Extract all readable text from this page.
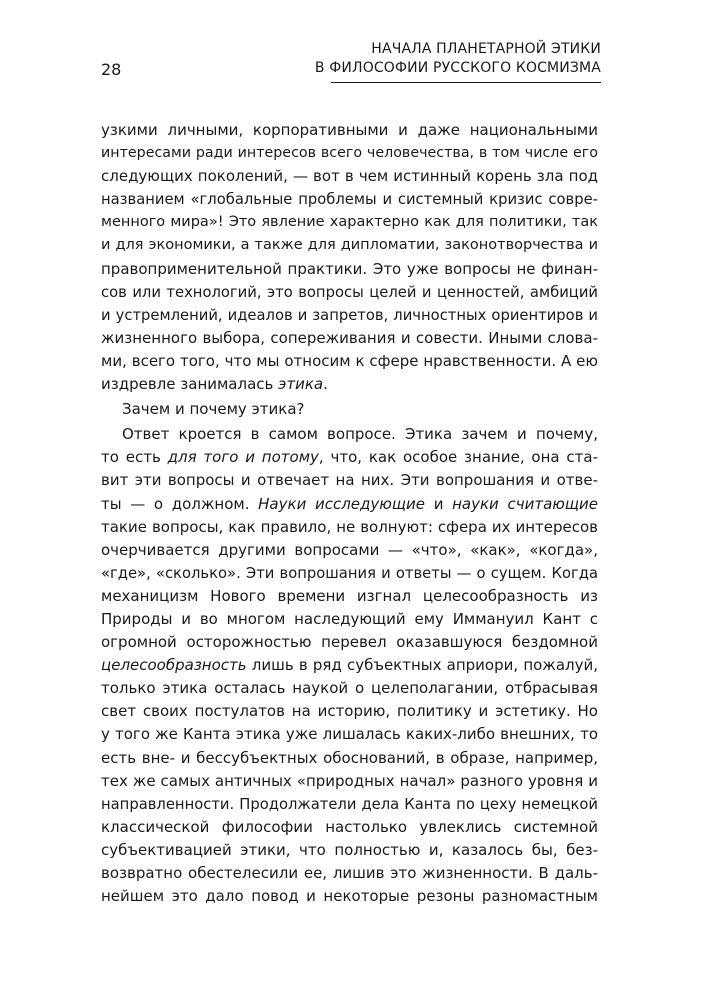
28
НАЧАЛА ПЛАНЕТАРНОЙ ЭТИКИ
В ФИЛОСОФИИ РУССКОГО КОСМИЗМА
узкими личными, корпоративными и даже национальными
интересами ради интересов всего человечества, в том числе его
следующих поколений, — вот в чем истинный корень зла под
названием «глобальные проблемы и системный кризис совре-
менного мира»! Это явление характерно как для политики, так
и для экономики, а также для дипломатии, законотворчества и
правоприменительной практики. Это уже вопросы не финан-
сов или технологий, это вопросы целей и ценностей, амбиций
и устремлений, идеалов и запретов, личностных ориентиров и
жизненного выбора, сопереживания и совести. Иными слова-
ми, всего того, что мы относим к сфере нравственности. А ею
издревле занималась этика.
Зачем и почему этика?
Ответ кроется в самом вопросе. Этика зачем и почему,
то есть для того и потому, что, как особое знание, она ста-
вит эти вопросы и отвечает на них. Эти вопрошания и отве-
ты — о должном. Науки исследующие и науки считающие
такие вопросы, как правило, не волнуют: сфера их интересов
очерчивается другими вопросами — «что», «как», «когда»,
«где», «сколько». Эти вопрошания и ответы — о сущем. Когда
механицизм Нового времени изгнал целесообразность из
Природы и во многом наследующий ему Иммануил Кант с
огромной осторожностью перевел оказавшуюся бездомной
целесообразность лишь в ряд субъектных априори, пожалуй,
только этика осталась наукой о целеполагании, отбрасывая
свет своих постулатов на историю, политику и эстетику. Но
у того же Канта этика уже лишалась каких-либо внешних, то
есть вне- и бессубъектных обоснований, в образе, например,
тех же самых античных «природных начал» разного уровня и
направленности. Продолжатели дела Канта по цеху немецкой
классической философии настолько увлеклись системной
субъективацией этики, что полностью и, казалось бы, без-
возвратно обестелесили ее, лишив это жизненности. В даль-
нейшем это дало повод и некоторые резоны разномастным
